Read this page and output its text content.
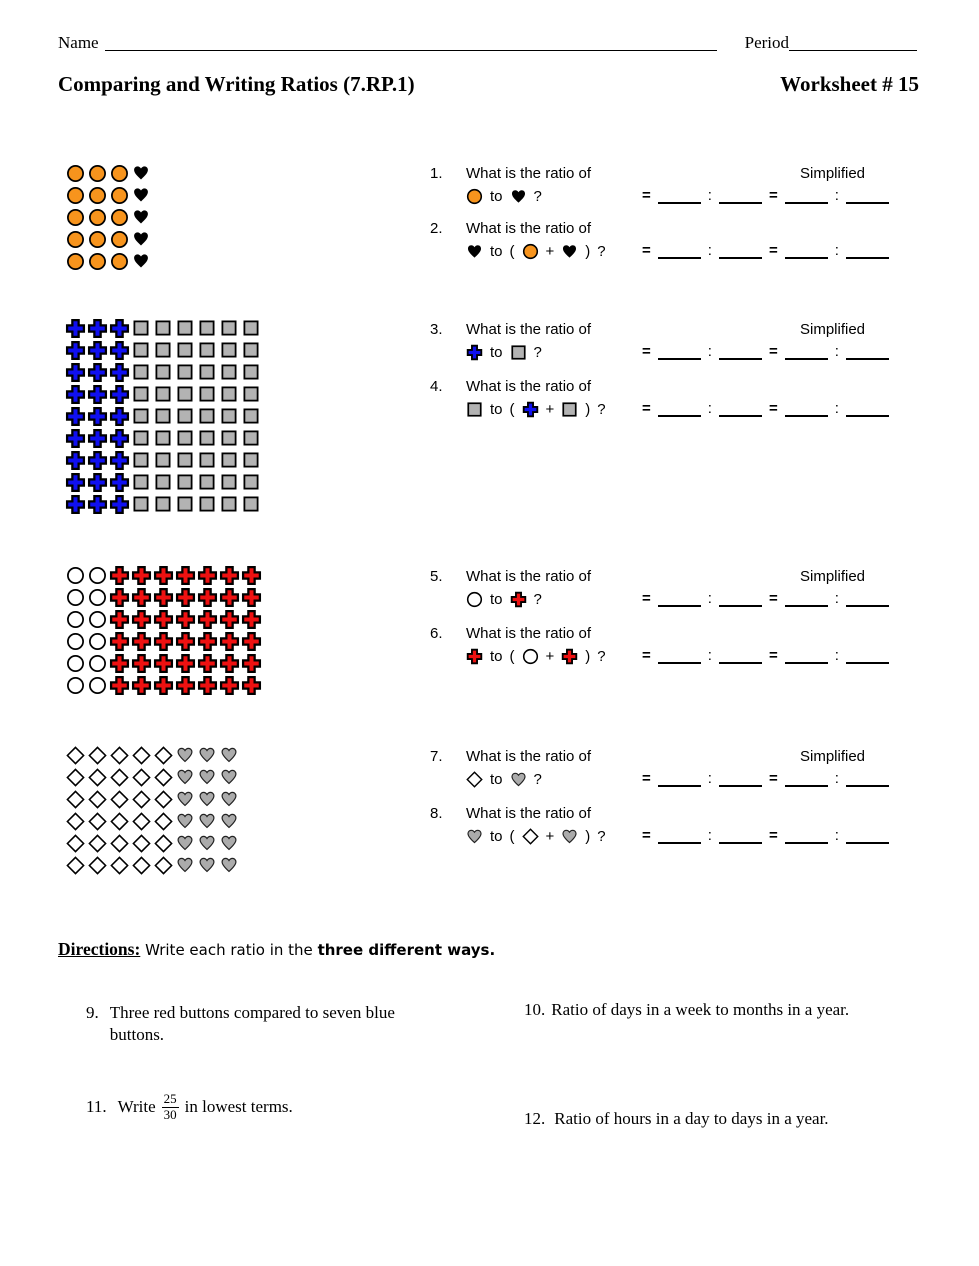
Name	Period
Comparing and Writing Ratios (7.RP.1)	Worksheet # 15
1. What is the ratio of	Simplified
to ?	=	:	=	:
2. What is the ratio of
to ( + ) ? =	:	=	:
3. What is the ratio of	Simplified
to ?	=	:	=	:
4. What is the ratio of
to ( + ) ? =	:	=	:
5. What is the ratio of	Simplified
to ?	=	:	=	:
6. What is the ratio of
to ( + ) ? =	:	=	:
7. What is the ratio of	Simplified
to ?	=	:	=	:
8. What is the ratio of
to ( + ) ? =	:	=	:
Directions: Write each ratio in the three different ways.
9. Three red buttons compared to seven blue buttons.
10. Ratio of days in a week to months in a year.
11. Write $\frac{25}{30}$ in lowest terms.
12. Ratio of hours in a day to days in a year.
